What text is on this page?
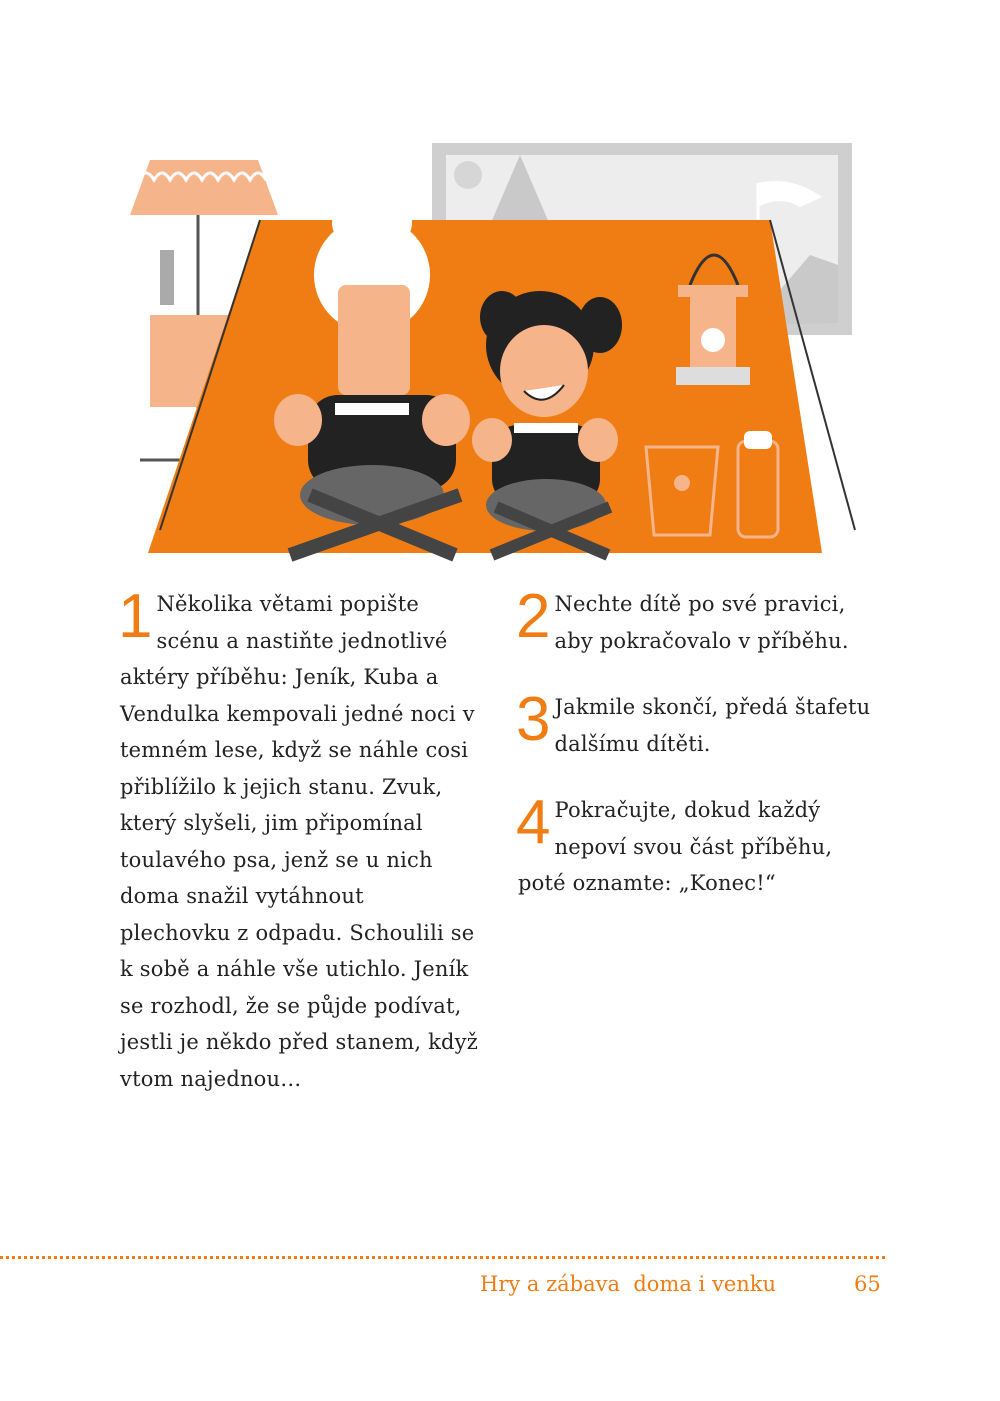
1 Několika větami popište scénu a nastiňte jednotlivé aktéry příběhu: Jeník, Kuba a Vendulka kempovali jedné noci v temném lese, když se náhle cosi přiblížilo k jejich stanu. Zvuk, který slyšeli, jim připomínal toulavého psa, jenž se u nich doma snažil vytáhnout plechovku z odpadu. Schoulili se k sobě a náhle vše utichlo. Jeník se rozhodl, že se půjde podívat, jestli je někdo před stanem, když vtom najednou…
2 Nechte dítě po své pravici, aby pokračovalo v příběhu.
3 Jakmile skončí, předá štafetu dalšímu dítěti.
4 Pokračujte, dokud každý nepoví svou část příběhu, poté oznamte: „Konec!“
Hry a zábava  doma i venku	65
